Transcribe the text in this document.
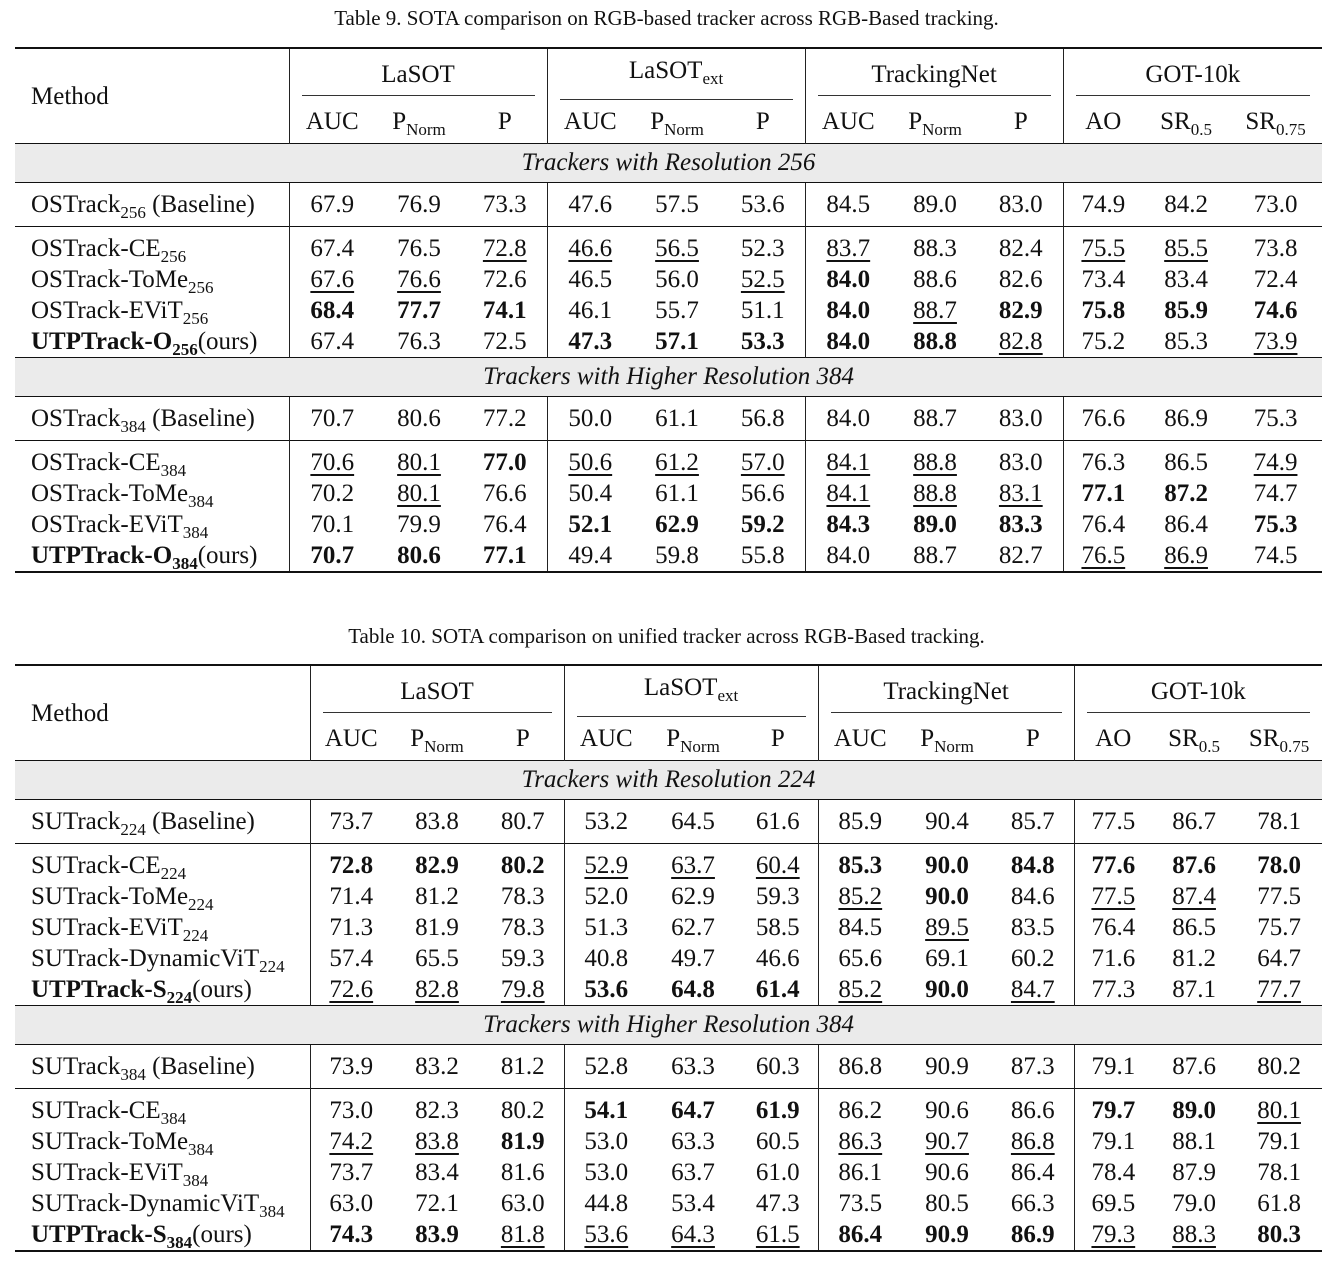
Table 9. SOTA comparison on RGB-based tracker across RGB-Based tracking.
Method	LaSOT			LaSOT$_{ext}$			TrackingNet			GOT-10k		

	AUC	$P_{Norm}$	P	AUC	$P_{Norm}$	P	AUC	$P_{Norm}$	P	AO	$SR_{0.5}$	$SR_{0.75}$
Trackers with Resolution 256												

OSTrack$_{256}$ (Baseline)	67.9	76.9	73.3	47.6	57.5	53.6	84.5	89.0	83.0	74.9	84.2	73.0

OSTrack-$CE_{256}$	67.4	76.5	72.8	46.6	56.5	52.3	83.7	88.3	82.4	75.5	85.5	73.8
OSTrack-ToMe$_{256}$	67.6	76.6	72.6	46.5	56.0	52.5	84.0	88.6	82.6	73.4	83.4	72.4
OSTrack-EViT$_{256}$	68.4	77.7	74.1	46.1	55.7	51.1	84.0	88.7	82.9	75.8	85.9	74.6
UTPTrack-$O_{256}(ours)$	67.4	76.3	72.5	47.3	57.1	53.3	84.0	88.8	82.8	75.2	85.3	73.9
Trackers with Higher Resolution 384												

OSTrack$_{384}$ (Baseline)	70.7	80.6	77.2	50.0	61.1	56.8	84.0	88.7	83.0	76.6	86.9	75.3

OSTrack-$CE_{384}$	70.6	80.1	77.0	50.6	61.2	57.0	84.1	88.8	83.0	76.3	86.5	74.9
OSTrack-ToMe$_{384}$	70.2	80.1	76.6	50.4	61.1	56.6	84.1	88.8	83.1	77.1	87.2	74.7
OSTrack-EViT$_{384}$	70.1	79.9	76.4	52.1	62.9	59.2	84.3	89.0	83.3	76.4	86.4	75.3
UTPTrack-$O_{384}(ours)$	70.7	80.6	77.1	49.4	59.8	55.8	84.0	88.7	82.7	76.5	86.9	74.5
Table 10. SOTA comparison on unified tracker across RGB-Based tracking.
Method	LaSOT			LaSOT$_{ext}$			TrackingNet			GOT-10k		

	AUC	$P_{Norm}$	P	AUC	$P_{Norm}$	P	AUC	$P_{Norm}$	P	AO	$SR_{0.5}$	$SR_{0.75}$
Trackers with Resolution 224												

SUTrack$_{224}$ (Baseline)	73.7	83.8	80.7	53.2	64.5	61.6	85.9	90.4	85.7	77.5	86.7	78.1

SUTrack-$CE_{224}$	72.8	82.9	80.2	52.9	63.7	60.4	85.3	90.0	84.8	77.6	87.6	78.0
SUTrack-ToMe$_{224}$	71.4	81.2	78.3	52.0	62.9	59.3	85.2	90.0	84.6	77.5	87.4	77.5
SUTrack-EViT$_{224}$	71.3	81.9	78.3	51.3	62.7	58.5	84.5	89.5	83.5	76.4	86.5	75.7
SUTrack-DynamicViT$_{224}$	57.4	65.5	59.3	40.8	49.7	46.6	65.6	69.1	60.2	71.6	81.2	64.7
UTPTrack-$S_{224}(ours)$	72.6	82.8	79.8	53.6	64.8	61.4	85.2	90.0	84.7	77.3	87.1	77.7
Trackers with Higher Resolution 384												

SUTrack$_{384}$ (Baseline)	73.9	83.2	81.2	52.8	63.3	60.3	86.8	90.9	87.3	79.1	87.6	80.2

SUTrack-$CE_{384}$	73.0	82.3	80.2	54.1	64.7	61.9	86.2	90.6	86.6	79.7	89.0	80.1
SUTrack-ToMe$_{384}$	74.2	83.8	81.9	53.0	63.3	60.5	86.3	90.7	86.8	79.1	88.1	79.1
SUTrack-EViT$_{384}$	73.7	83.4	81.6	53.0	63.7	61.0	86.1	90.6	86.4	78.4	87.9	78.1
SUTrack-DynamicViT$_{384}$	63.0	72.1	63.0	44.8	53.4	47.3	73.5	80.5	66.3	69.5	79.0	61.8
UTPTrack-$S_{384}(ours)$	74.3	83.9	81.8	53.6	64.3	61.5	86.4	90.9	86.9	79.3	88.3	80.3
